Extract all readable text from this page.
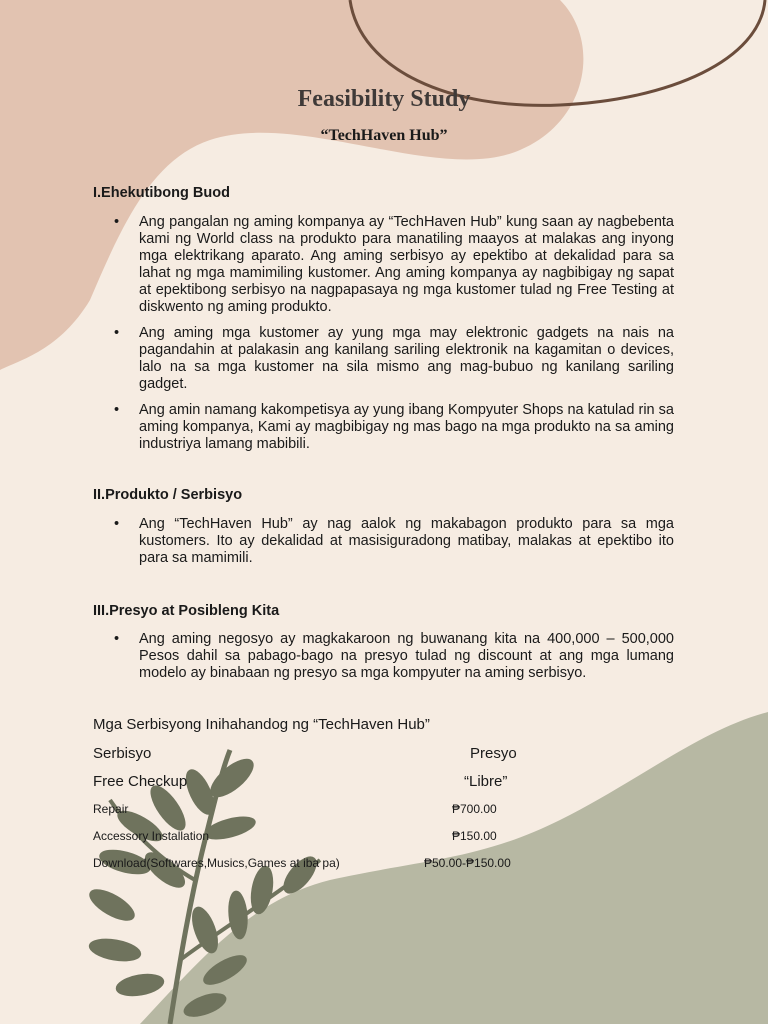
Feasibility Study
“TechHaven Hub”
I.Ehekutibong Buod
• Ang pangalan ng aming kompanya ay “TechHaven Hub” kung saan ay nagbebenta kami ng World class na produkto para manatiling maayos at malakas ang inyong mga elektrikang aparato. Ang aming serbisyo ay epektibo at dekalidad para sa lahat ng mga mamimiling kustomer. Ang aming kompanya ay nagbibigay ng sapat at epektibong serbisyo na nagpapasaya ng mga kustomer tulad ng Free Testing at diskwento ng aming produkto.
• Ang aming mga kustomer ay yung mga may elektronic gadgets na nais na pagandahin at palakasin ang kanilang sariling elektronik na kagamitan o devices, lalo na sa mga kustomer na sila mismo ang mag-bubuo ng kanilang sariling gadget.
• Ang amin namang kakompetisya ay yung ibang Kompyuter Shops na katulad rin sa aming kompanya, Kami ay magbibigay ng mas bago na mga produkto na sa aming industriya lamang mabibili.
II.Produkto / Serbisyo
• Ang “TechHaven Hub” ay nag aalok ng makabagon produkto para sa mga kustomers. Ito ay dekalidad at masisiguradong matibay, malakas at epektibo ito para sa mamimili.
III.Presyo at Posibleng Kita
• Ang aming negosyo ay magkakaroon ng buwanang kita na 400,000 – 500,000 Pesos dahil sa pabago-bago na presyo tulad ng discount at ang mga lumang modelo ay binabaan ng presyo sa mga kompyuter na aming serbisyo.
Mga Serbisyong Inihahandog ng “TechHaven Hub”
Serbisyo	Presyo
Free Checkup	“Libre”
Repair	₱700.00
Accessory Installation	₱150.00
Download(Softwares,Musics,Games at iba pa)	₱50.00-₱150.00
